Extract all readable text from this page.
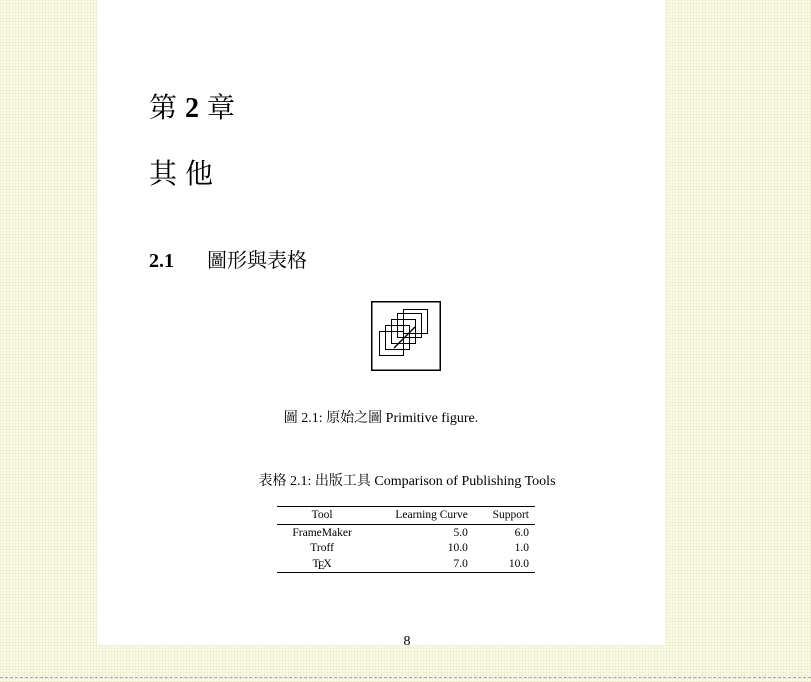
第 2 章
其他
2.1 圖形與表格
圖 2.1: 原始之圖 Primitive figure.
表格 2.1: 出版工具 Comparison of Publishing Tools
Tool	Learning Curve	Support
FrameMaker	5.0	6.0
Troff	10.0	1.0
TEX	7.0	10.0
8
